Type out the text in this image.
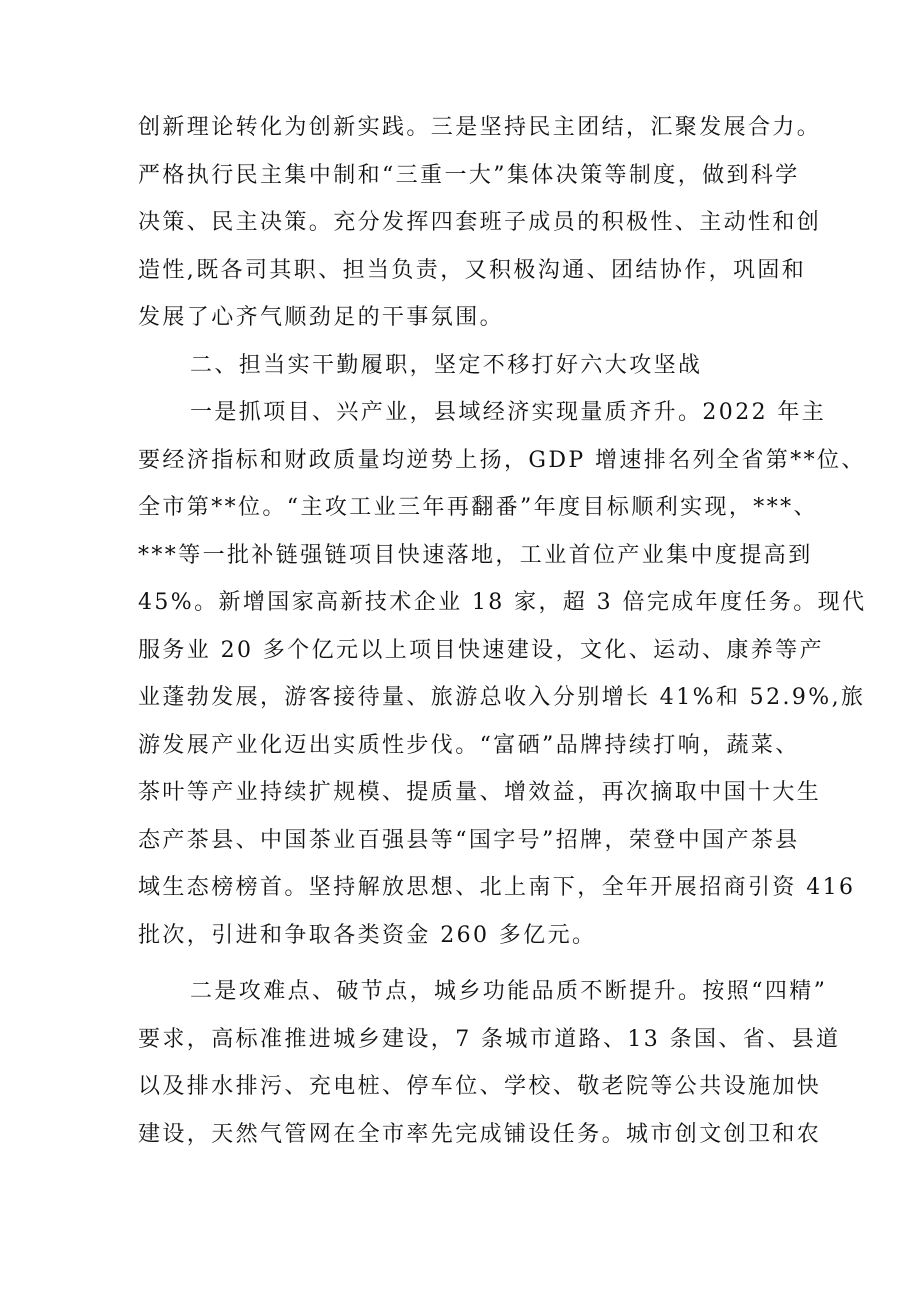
创新理论转化为创新实践。三是坚持民主团结，汇聚发展合力。
严格执行民主集中制和“三重一大”集体决策等制度，做到科学
决策、民主决策。充分发挥四套班子成员的积极性、主动性和创
造性,既各司其职、担当负责，又积极沟通、团结协作，巩固和
发展了心齐气顺劲足的干事氛围。
二、担当实干勤履职，坚定不移打好六大攻坚战
一是抓项目、兴产业，县域经济实现量质齐升。2022 年主
要经济指标和财政质量均逆势上扬，GDP 增速排名列全省第**位、
全市第**位。“主攻工业三年再翻番”年度目标顺利实现，***、
***等一批补链强链项目快速落地，工业首位产业集中度提高到
45%。新增国家高新技术企业 18 家，超 3 倍完成年度任务。现代
服务业 20 多个亿元以上项目快速建设，文化、运动、康养等产
业蓬勃发展，游客接待量、旅游总收入分别增长 41%和 52.9%,旅
游发展产业化迈出实质性步伐。“富硒”品牌持续打响，蔬菜、
茶叶等产业持续扩规模、提质量、增效益，再次摘取中国十大生
态产茶县、中国茶业百强县等“国字号”招牌，荣登中国产茶县
域生态榜榜首。坚持解放思想、北上南下，全年开展招商引资 416
批次，引进和争取各类资金 260 多亿元。
二是攻难点、破节点，城乡功能品质不断提升。按照“四精”
要求，高标准推进城乡建设，7 条城市道路、13 条国、省、县道
以及排水排污、充电桩、停车位、学校、敬老院等公共设施加快
建设，天然气管网在全市率先完成铺设任务。城市创文创卫和农
